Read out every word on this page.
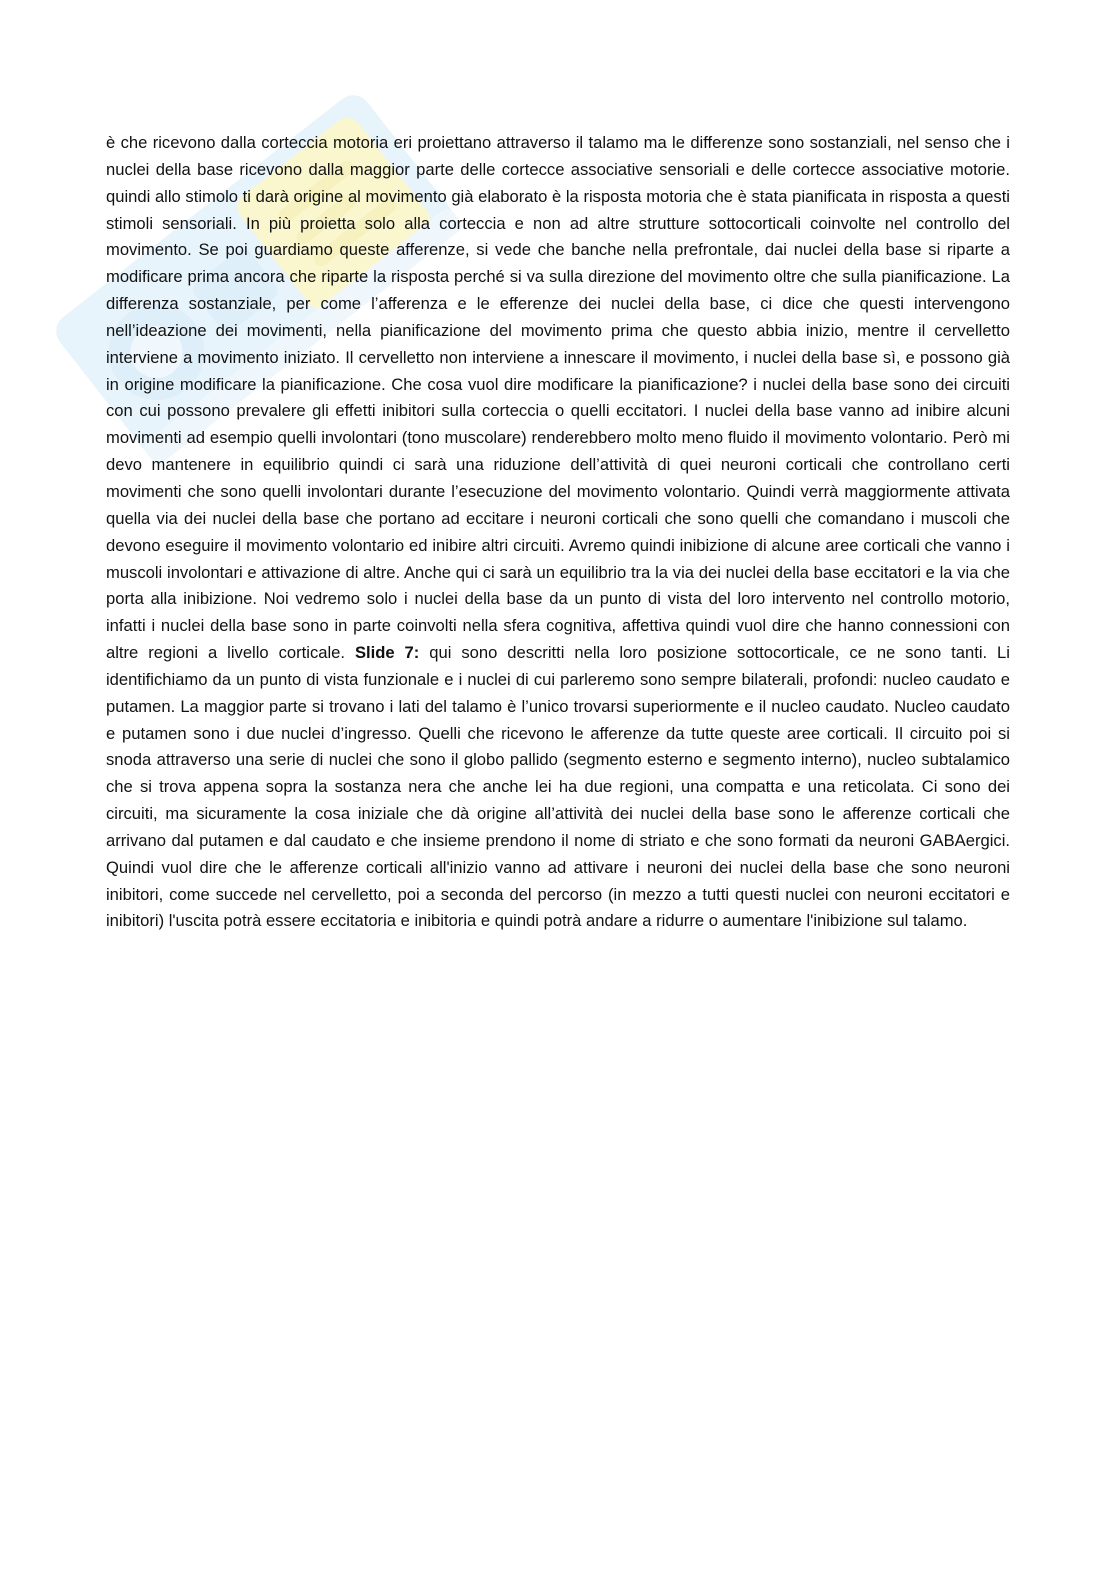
è che ricevono dalla corteccia motoria eri proiettano attraverso il talamo ma le differenze sono sostanziali, nel senso che i nuclei della base ricevono dalla maggior parte delle cortecce associative sensoriali e delle cortecce associative motorie. quindi allo stimolo ti darà origine al movimento già elaborato è la risposta motoria che è stata pianificata in risposta a questi stimoli sensoriali. In più proietta solo alla corteccia e non ad altre strutture sottocorticali coinvolte nel controllo del movimento. Se poi guardiamo queste afferenze, si vede che banche nella prefrontale, dai nuclei della base si riparte a modificare prima ancora che riparte la risposta perché si va sulla direzione del movimento oltre che sulla pianificazione. La differenza sostanziale, per come l’afferenza e le efferenze dei nuclei della base, ci dice che questi intervengono nell’ideazione dei movimenti, nella pianificazione del movimento prima che questo abbia inizio, mentre il cervelletto interviene a movimento iniziato. Il cervelletto non interviene a innescare il movimento, i nuclei della base sì, e possono già in origine modificare la pianificazione. Che cosa vuol dire modificare la pianificazione? i nuclei della base sono dei circuiti con cui possono prevalere gli effetti inibitori sulla corteccia o quelli eccitatori. I nuclei della base vanno ad inibire alcuni movimenti ad esempio quelli involontari (tono muscolare) renderebbero molto meno fluido il movimento volontario. Però mi devo mantenere in equilibrio quindi ci sarà una riduzione dell’attività di quei neuroni corticali che controllano certi movimenti che sono quelli involontari durante l’esecuzione del movimento volontario. Quindi verrà maggiormente attivata quella via dei nuclei della base che portano ad eccitare i neuroni corticali che sono quelli che comandano i muscoli che devono eseguire il movimento volontario ed inibire altri circuiti. Avremo quindi inibizione di alcune aree corticali che vanno i muscoli involontari e attivazione di altre. Anche qui ci sarà un equilibrio tra la via dei nuclei della base eccitatori e la via che porta alla inibizione. Noi vedremo solo i nuclei della base da un punto di vista del loro intervento nel controllo motorio, infatti i nuclei della base sono in parte coinvolti nella sfera cognitiva, affettiva quindi vuol dire che hanno connessioni con altre regioni a livello corticale. Slide 7: qui sono descritti nella loro posizione sottocorticale, ce ne sono tanti. Li identifichiamo da un punto di vista funzionale e i nuclei di cui parleremo sono sempre bilaterali, profondi: nucleo caudato e putamen. La maggior parte si trovano i lati del talamo è l’unico trovarsi superiormente e il nucleo caudato. Nucleo caudato e putamen sono i due nuclei d’ingresso. Quelli che ricevono le afferenze da tutte queste aree corticali. Il circuito poi si snoda attraverso una serie di nuclei che sono il globo pallido (segmento esterno e segmento interno), nucleo subtalamico che si trova appena sopra la sostanza nera che anche lei ha due regioni, una compatta e una reticolata. Ci sono dei circuiti, ma sicuramente la cosa iniziale che dà origine all’attività dei nuclei della base sono le afferenze corticali che arrivano dal putamen e dal caudato e che insieme prendono il nome di striato e che sono formati da neuroni GABAergici. Quindi vuol dire che le afferenze corticali all'inizio vanno ad attivare i neuroni dei nuclei della base che sono neuroni inibitori, come succede nel cervelletto, poi a seconda del percorso (in mezzo a tutti questi nuclei con neuroni eccitatori e inibitori) l'uscita potrà essere eccitatoria e inibitoria e quindi potrà andare a ridurre o aumentare l'inibizione sul talamo.
